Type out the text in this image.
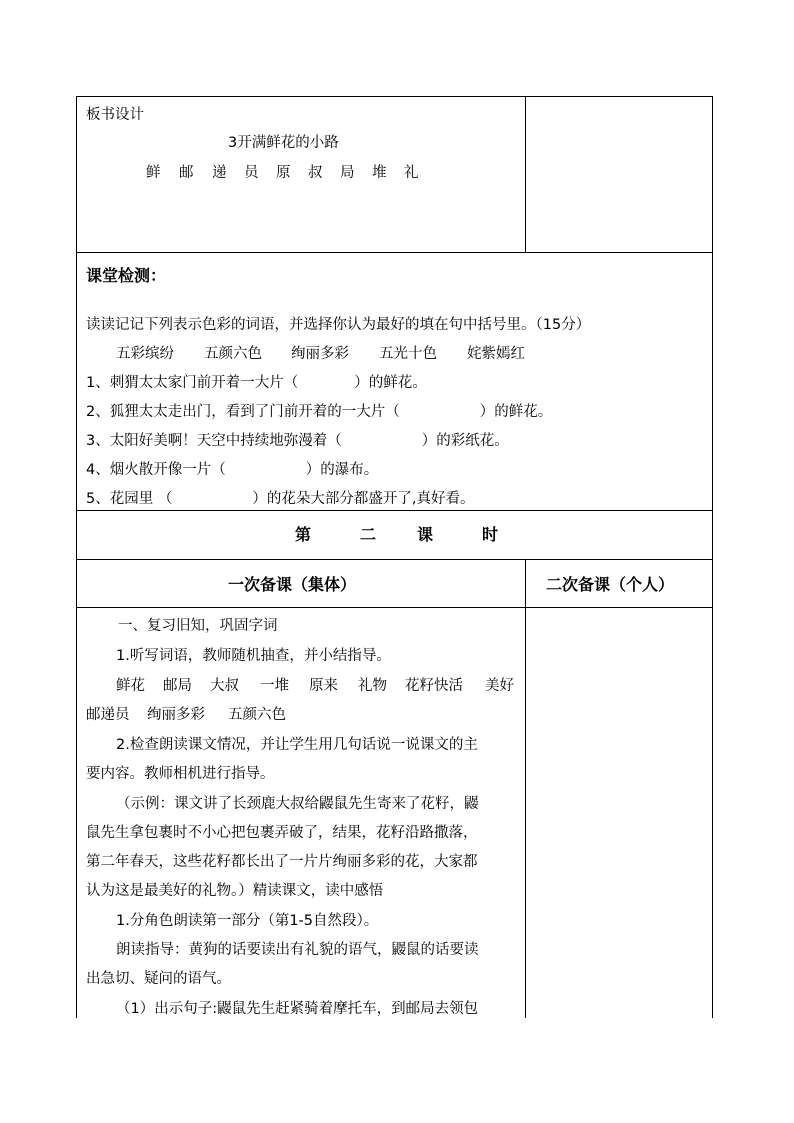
板书设计
3开满鲜花的小路
鲜 邮 递 员 原 叔 局 堆 礼
课堂检测：
读读记记下列表示色彩的词语，并选择你认为最好的填在句中括号里。（15分）
五彩缤纷 五颜六色 绚丽多彩 五光十色 姹紫嫣红
1、刺猬太太家门前开着一大片（	）的鲜花。
2、狐狸太太走出门，看到了门前开着的一大片（	）的鲜花。
3、太阳好美啊！天空中持续地弥漫着（	）的彩纸花。
4、烟火散开像一片（	）的瀑布。
5、花园里 （	）的花朵大部分都盛开了,真好看。
第	二	课	时
一次备课（集体）	二次备课（个人）
一、复习旧知，巩固字词
1.听写词语，教师随机抽查，并小结指导。
鲜花 邮局 大叔 一堆 原来 礼物 花籽快活 美好
邮递员 绚丽多彩 五颜六色
2.检查朗读课文情况，并让学生用几句话说一说课文的主
要内容。教师相机进行指导。
（示例：课文讲了长颈鹿大叔给鼹鼠先生寄来了花籽，鼹
鼠先生拿包裹时不小心把包裹弄破了，结果，花籽沿路撒落，
第二年春天，这些花籽都长出了一片片绚丽多彩的花，大家都
认为这是最美好的礼物。）精读课文，读中感悟
1.分角色朗读第一部分（第1-5自然段）。
朗读指导：黄狗的话要读出有礼貌的语气，鼹鼠的话要读
出急切、疑问的语气。
（1）出示句子:鼹鼠先生赶紧骑着摩托车，到邮局去领包
